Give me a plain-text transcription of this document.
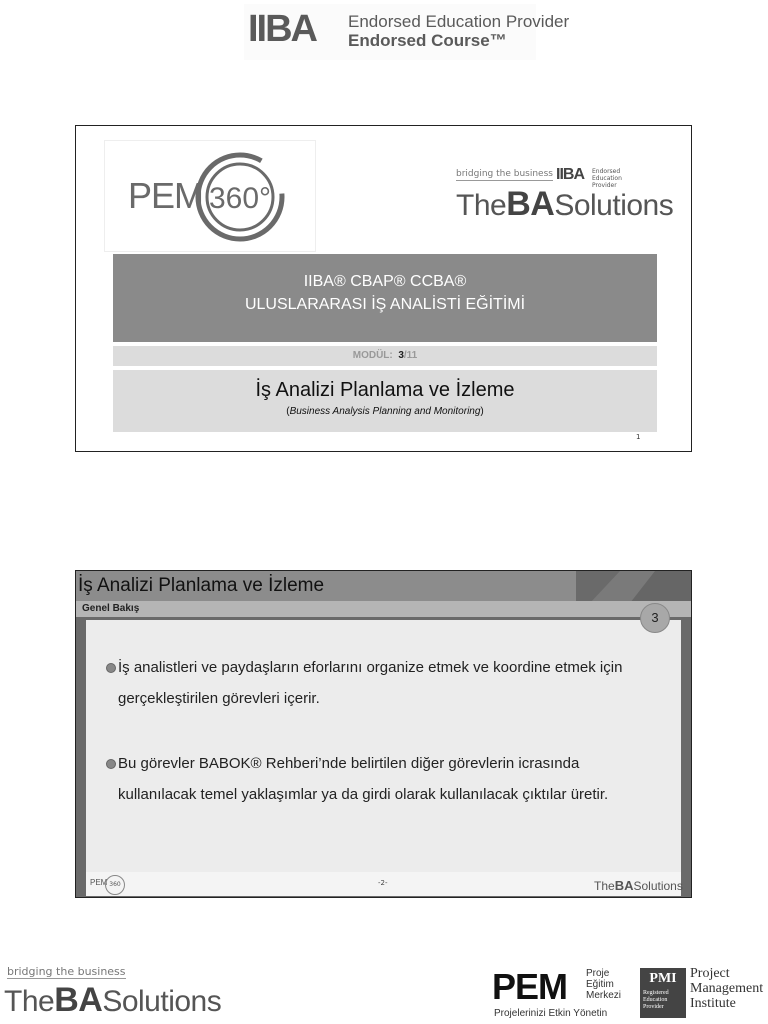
IIBA Endorsed Education Provider
Endorsed Course™
PEM 360°
bridging the business IIBA Endorsed Education Provider
TheBASolutions
IIBA® CBAP® CCBA®
ULUSLARARASI İŞ ANALİSTİ EĞİTİMİ
MODÜL: 3/11
İş Analizi Planlama ve İzleme
(Business Analysis Planning and Monitoring)
1
İş Analizi Planlama ve İzleme
Genel Bakış
3
İş analistleri ve paydaşların eforlarını organize etmek ve koordine etmek için
gerçekleştirilen görevleri içerir.
Bu görevler BABOK® Rehberi’nde belirtilen diğer görevlerin icrasında
kullanılacak temel yaklaşımlar ya da girdi olarak kullanılacak çıktılar üretir.
PEM 360	-2-	TheBASolutions
bridging the business
TheBASolutions	PEM Proje
Eğitim
Merkezi
Projelerinizi Etkin Yönetin
PMI
Registered Education Provider
Project
Management
Institute
